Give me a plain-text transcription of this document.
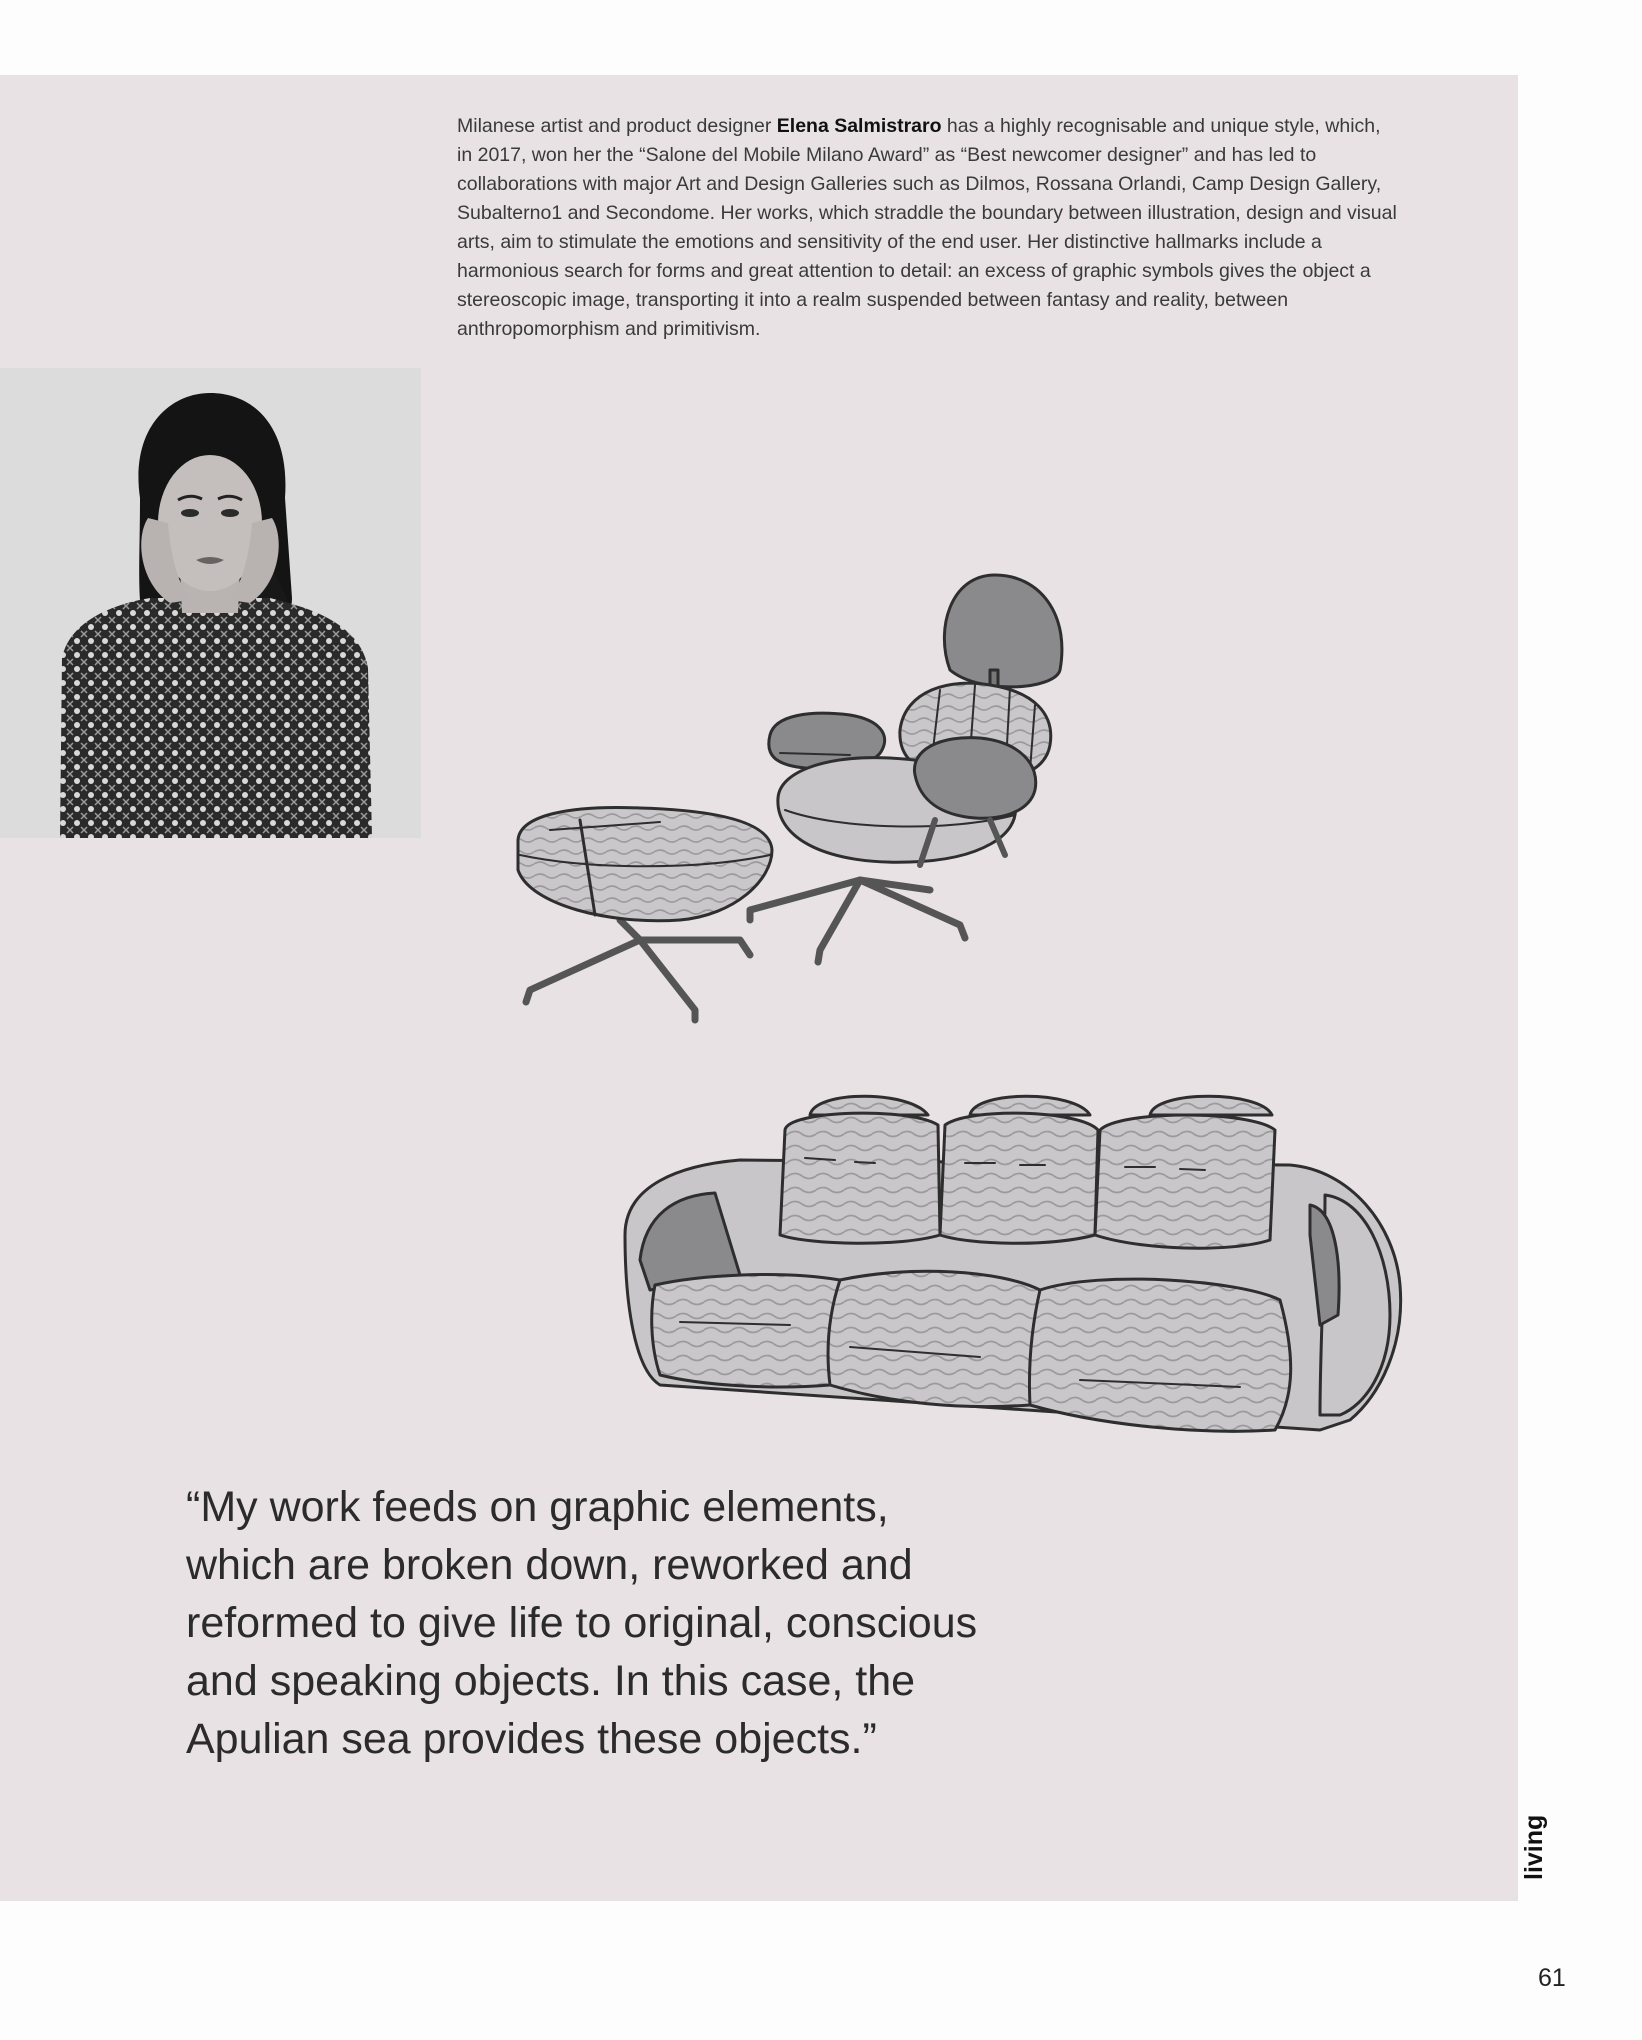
Milanese artist and product designer Elena Salmistraro has a highly recognisable and unique style, which, in 2017, won her the “Salone del Mobile Milano Award” as “Best newcomer designer” and has led to collaborations with major Art and Design Galleries such as Dilmos, Rossana Orlandi, Camp Design Gallery, Subalterno1 and Secondome. Her works, which straddle the boundary between illustration, design and visual arts, aim to stimulate the emotions and sensitivity of the end user. Her distinctive hallmarks include a harmonious search for forms and great attention to detail: an excess of graphic symbols gives the object a stereoscopic image, transporting it into a realm suspended between fantasy and reality, between anthropomorphism and primitivism.

“My work feeds on graphic elements, which are broken down, reworked and reformed to give life to original, conscious and speaking objects. In this case, the Apulian sea provides these objects.”

living
61
